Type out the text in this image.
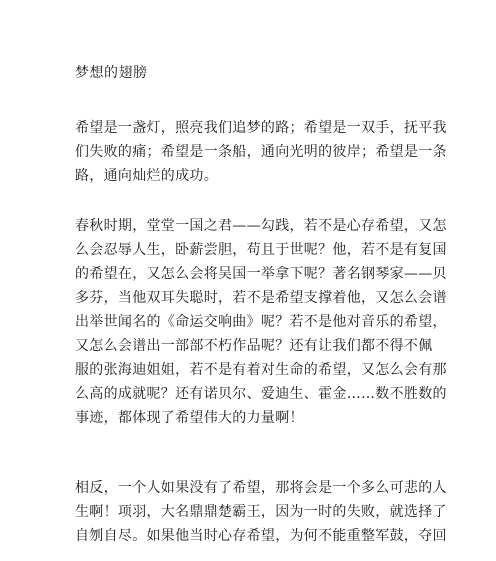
梦想的翅膀
希望是一盏灯，照亮我们追梦的路；希望是一双手，抚平我
们失败的痛；希望是一条船，通向光明的彼岸；希望是一条
路，通向灿烂的成功。
春秋时期，堂堂一国之君——勾践，若不是心存希望，又怎
么会忍辱人生，卧薪尝胆，苟且于世呢？他，若不是有复国
的希望在，又怎么会将吴国一举拿下呢？著名钢琴家——贝
多芬，当他双耳失聪时，若不是希望支撑着他，又怎么会谱
出举世闻名的《命运交响曲》呢？若不是他对音乐的希望，
又怎么会谱出一部部不朽作品呢？还有让我们都不得不佩
服的张海迪姐姐，若不是有着对生命的希望，又怎么会有那
么高的成就呢？还有诺贝尔、爱迪生、霍金……数不胜数的
事迹，都体现了希望伟大的力量啊！
相反，一个人如果没有了希望，那将会是一个多么可悲的人
生啊！项羽，大名鼎鼎楚霸王，因为一时的失败，就选择了
自刎自尽。如果他当时心存希望，为何不能重整军鼓，夺回
